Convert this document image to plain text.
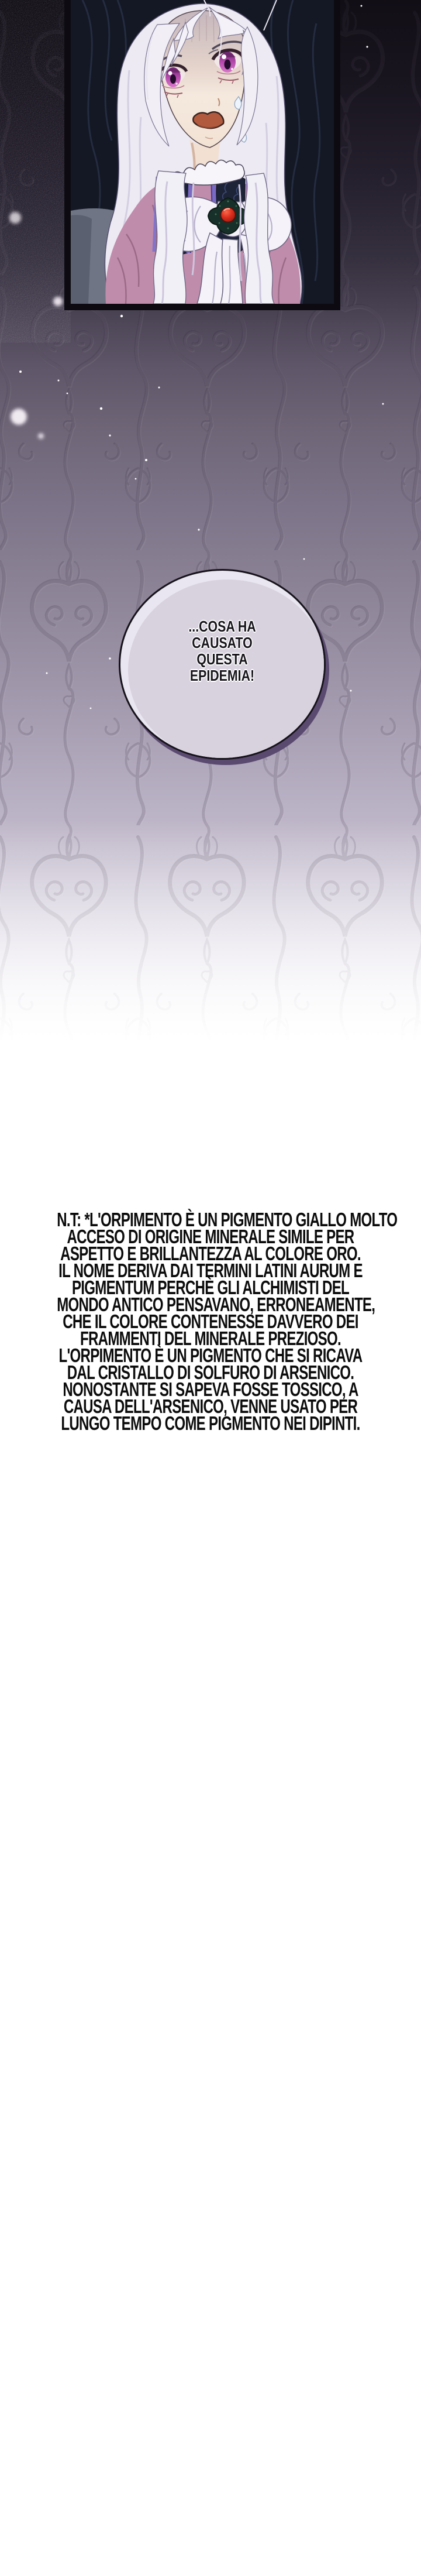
...COSA HA
CAUSATO
QUESTA
EPIDEMIA!
N.T: *L'ORPIMENTO È UN PIGMENTO GIALLO MOLTO
ACCESO DI ORIGINE MINERALE SIMILE PER
ASPETTO E BRILLANTEZZA AL COLORE ORO.
IL NOME DERIVA DAI TERMINI LATINI AURUM E
PIGMENTUM PERCHÈ GLI ALCHIMISTI DEL
MONDO ANTICO PENSAVANO, ERRONEAMENTE,
CHE IL COLORE CONTENESSE DAVVERO DEI
FRAMMENTI DEL MINERALE PREZIOSO.
L'ORPIMENTO È UN PIGMENTO CHE SI RICAVA
DAL CRISTALLO DI SOLFURO DI ARSENICO.
NONOSTANTE SI SAPEVA FOSSE TOSSICO, A
CAUSA DELL'ARSENICO, VENNE USATO PER
LUNGO TEMPO COME PIGMENTO NEI DIPINTI.
